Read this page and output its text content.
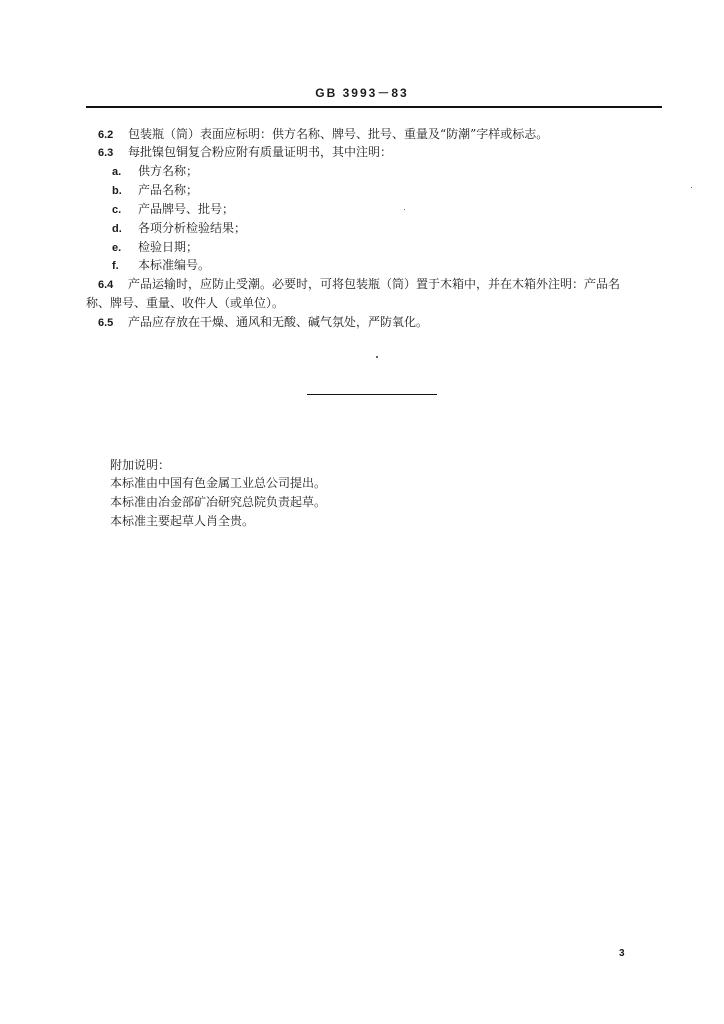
GB 3993－83
6.2 包装瓶（筒）表面应标明：供方名称、牌号、批号、重量及“防潮”字样或标志。
6.3 每批镍包铜复合粉应附有质量证明书，其中注明：
a. 供方名称；
b. 产品名称；
c. 产品牌号、批号；
d. 各项分析检验结果；
e. 检验日期；
f. 本标准编号。
6.4 产品运输时，应防止受潮。必要时，可将包装瓶（筒）置于木箱中，并在木箱外注明：产品名
称、牌号、重量、收件人（或单位）。
6.5 产品应存放在干燥、通风和无酸、碱气氛处，严防氧化。
附加说明：
本标准由中国有色金属工业总公司提出。
本标准由冶金部矿冶研究总院负责起草。
本标准主要起草人肖全贵。
3
